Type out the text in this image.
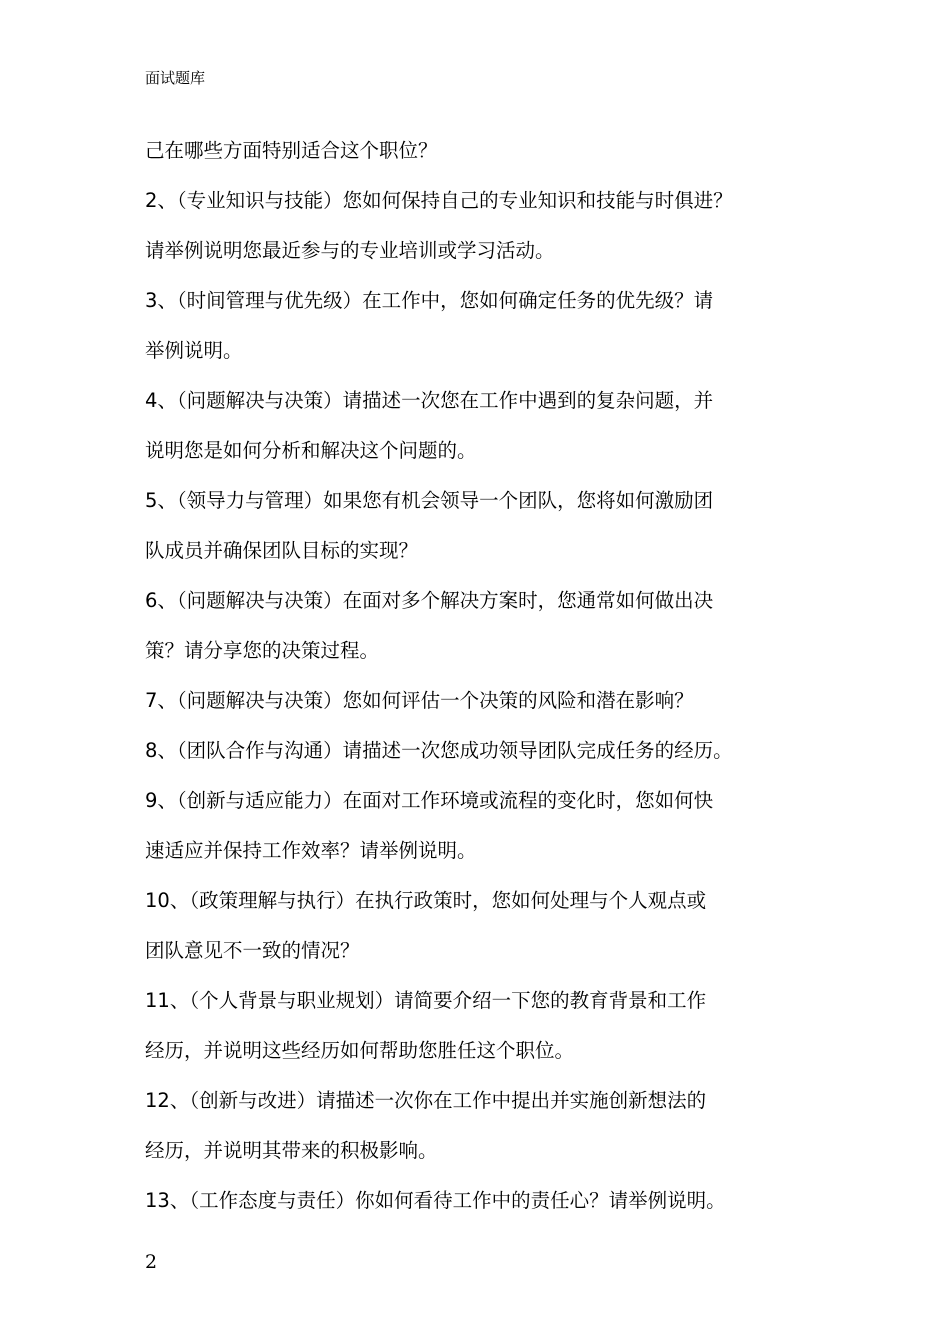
面试题库
己在哪些方面特别适合这个职位？
2、（专业知识与技能）您如何保持自己的专业知识和技能与时俱进？
请举例说明您最近参与的专业培训或学习活动。
3、（时间管理与优先级）在工作中，您如何确定任务的优先级？请
举例说明。
4、（问题解决与决策）请描述一次您在工作中遇到的复杂问题，并
说明您是如何分析和解决这个问题的。
5、（领导力与管理）如果您有机会领导一个团队，您将如何激励团
队成员并确保团队目标的实现？
6、（问题解决与决策）在面对多个解决方案时，您通常如何做出决
策？请分享您的决策过程。
7、（问题解决与决策）您如何评估一个决策的风险和潜在影响？
8、（团队合作与沟通）请描述一次您成功领导团队完成任务的经历。
9、（创新与适应能力）在面对工作环境或流程的变化时，您如何快
速适应并保持工作效率？请举例说明。
10、（政策理解与执行）在执行政策时，您如何处理与个人观点或
团队意见不一致的情况？
11、（个人背景与职业规划）请简要介绍一下您的教育背景和工作
经历，并说明这些经历如何帮助您胜任这个职位。
12、（创新与改进）请描述一次你在工作中提出并实施创新想法的
经历，并说明其带来的积极影响。
13、（工作态度与责任）你如何看待工作中的责任心？请举例说明。
2
